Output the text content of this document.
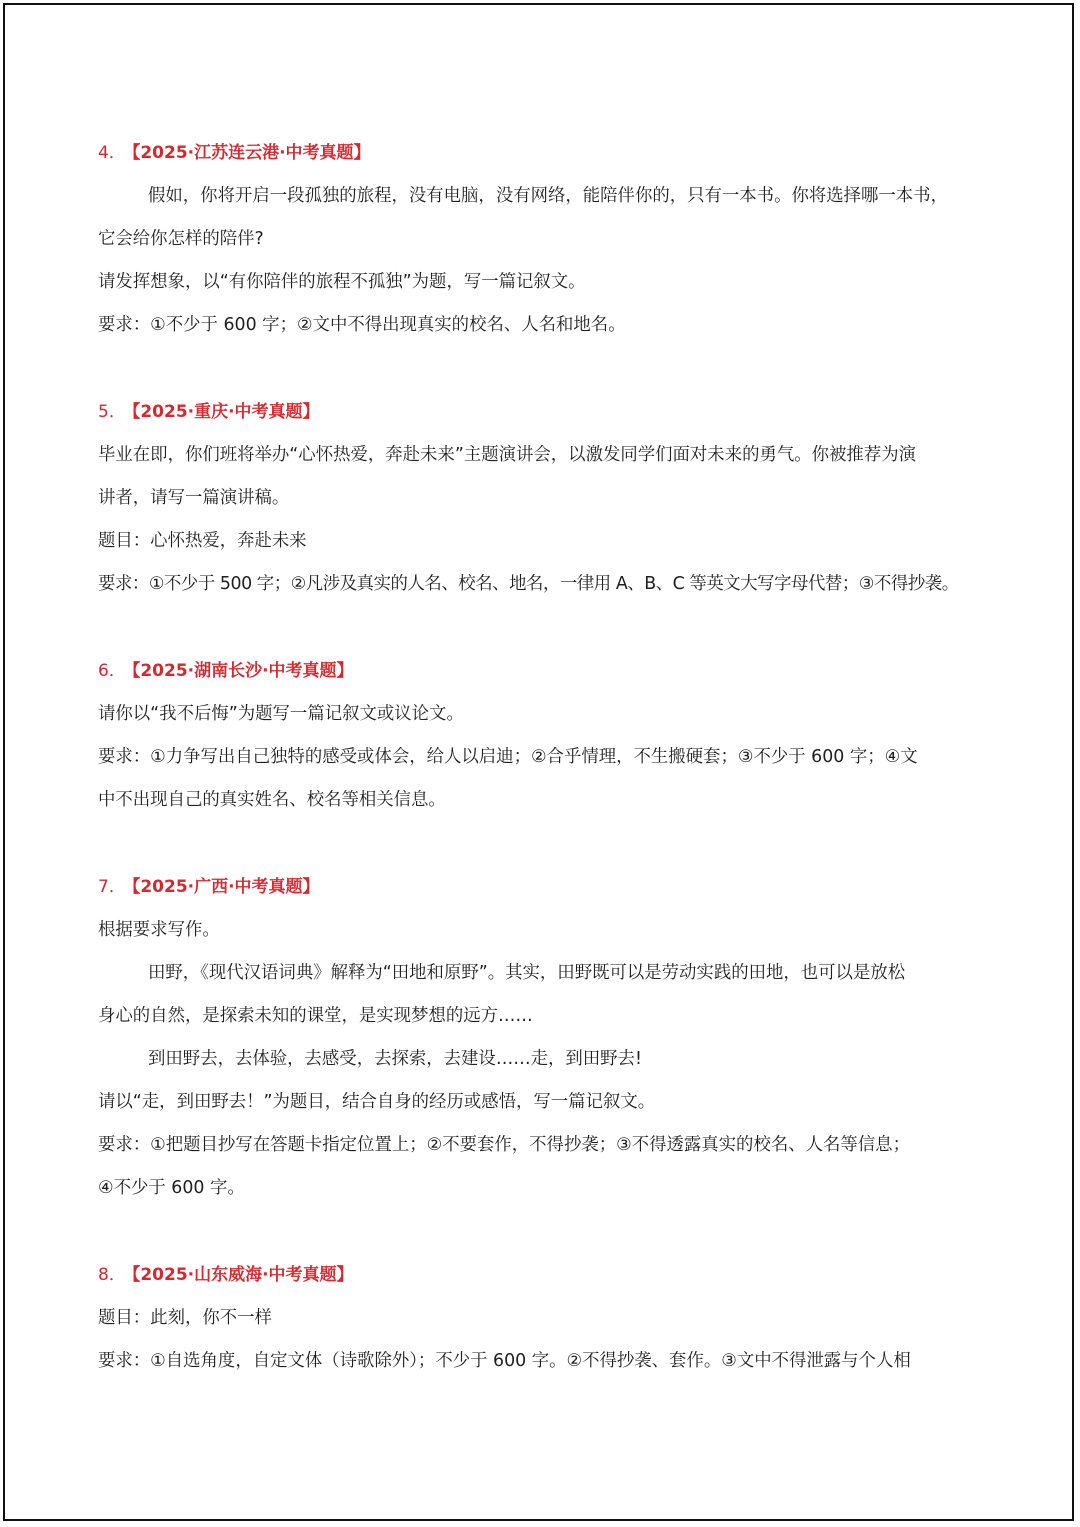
4． 【2025·江苏连云港·中考真题】
假如，你将开启一段孤独的旅程，没有电脑，没有网络，能陪伴你的，只有一本书。你将选择哪一本书，
它会给你怎样的陪伴?
请发挥想象，以“有你陪伴的旅程不孤独”为题，写一篇记叙文。
要求：①不少于 600 字；②文中不得出现真实的校名、人名和地名。
5． 【2025·重庆·中考真题】
毕业在即，你们班将举办“心怀热爱，奔赴未来”主题演讲会，以激发同学们面对未来的勇气。你被推荐为演
讲者，请写一篇演讲稿。
题目：心怀热爱，奔赴未来
要求：①不少于 500 字；②凡涉及真实的人名、校名、地名，一律用 A、B、C 等英文大写字母代替；③不得抄袭。
6． 【2025·湖南长沙·中考真题】
请你以“我不后悔”为题写一篇记叙文或议论文。
要求：①力争写出自己独特的感受或体会，给人以启迪；②合乎情理，不生搬硬套；③不少于 600 字；④文
中不出现自己的真实姓名、校名等相关信息。
7． 【2025·广西·中考真题】
根据要求写作。
田野，《现代汉语词典》解释为“田地和原野”。其实，田野既可以是劳动实践的田地，也可以是放松
身心的自然，是探索未知的课堂，是实现梦想的远方……
到田野去，去体验，去感受，去探索，去建设……走，到田野去!
请以“走，到田野去！”为题目，结合自身的经历或感悟，写一篇记叙文。
要求：①把题目抄写在答题卡指定位置上；②不要套作，不得抄袭；③不得透露真实的校名、人名等信息；
④不少于 600 字。
8． 【2025·山东威海·中考真题】
题目：此刻，你不一样
要求：①自选角度，自定文体（诗歌除外）；不少于 600 字。②不得抄袭、套作。③文中不得泄露与个人相
